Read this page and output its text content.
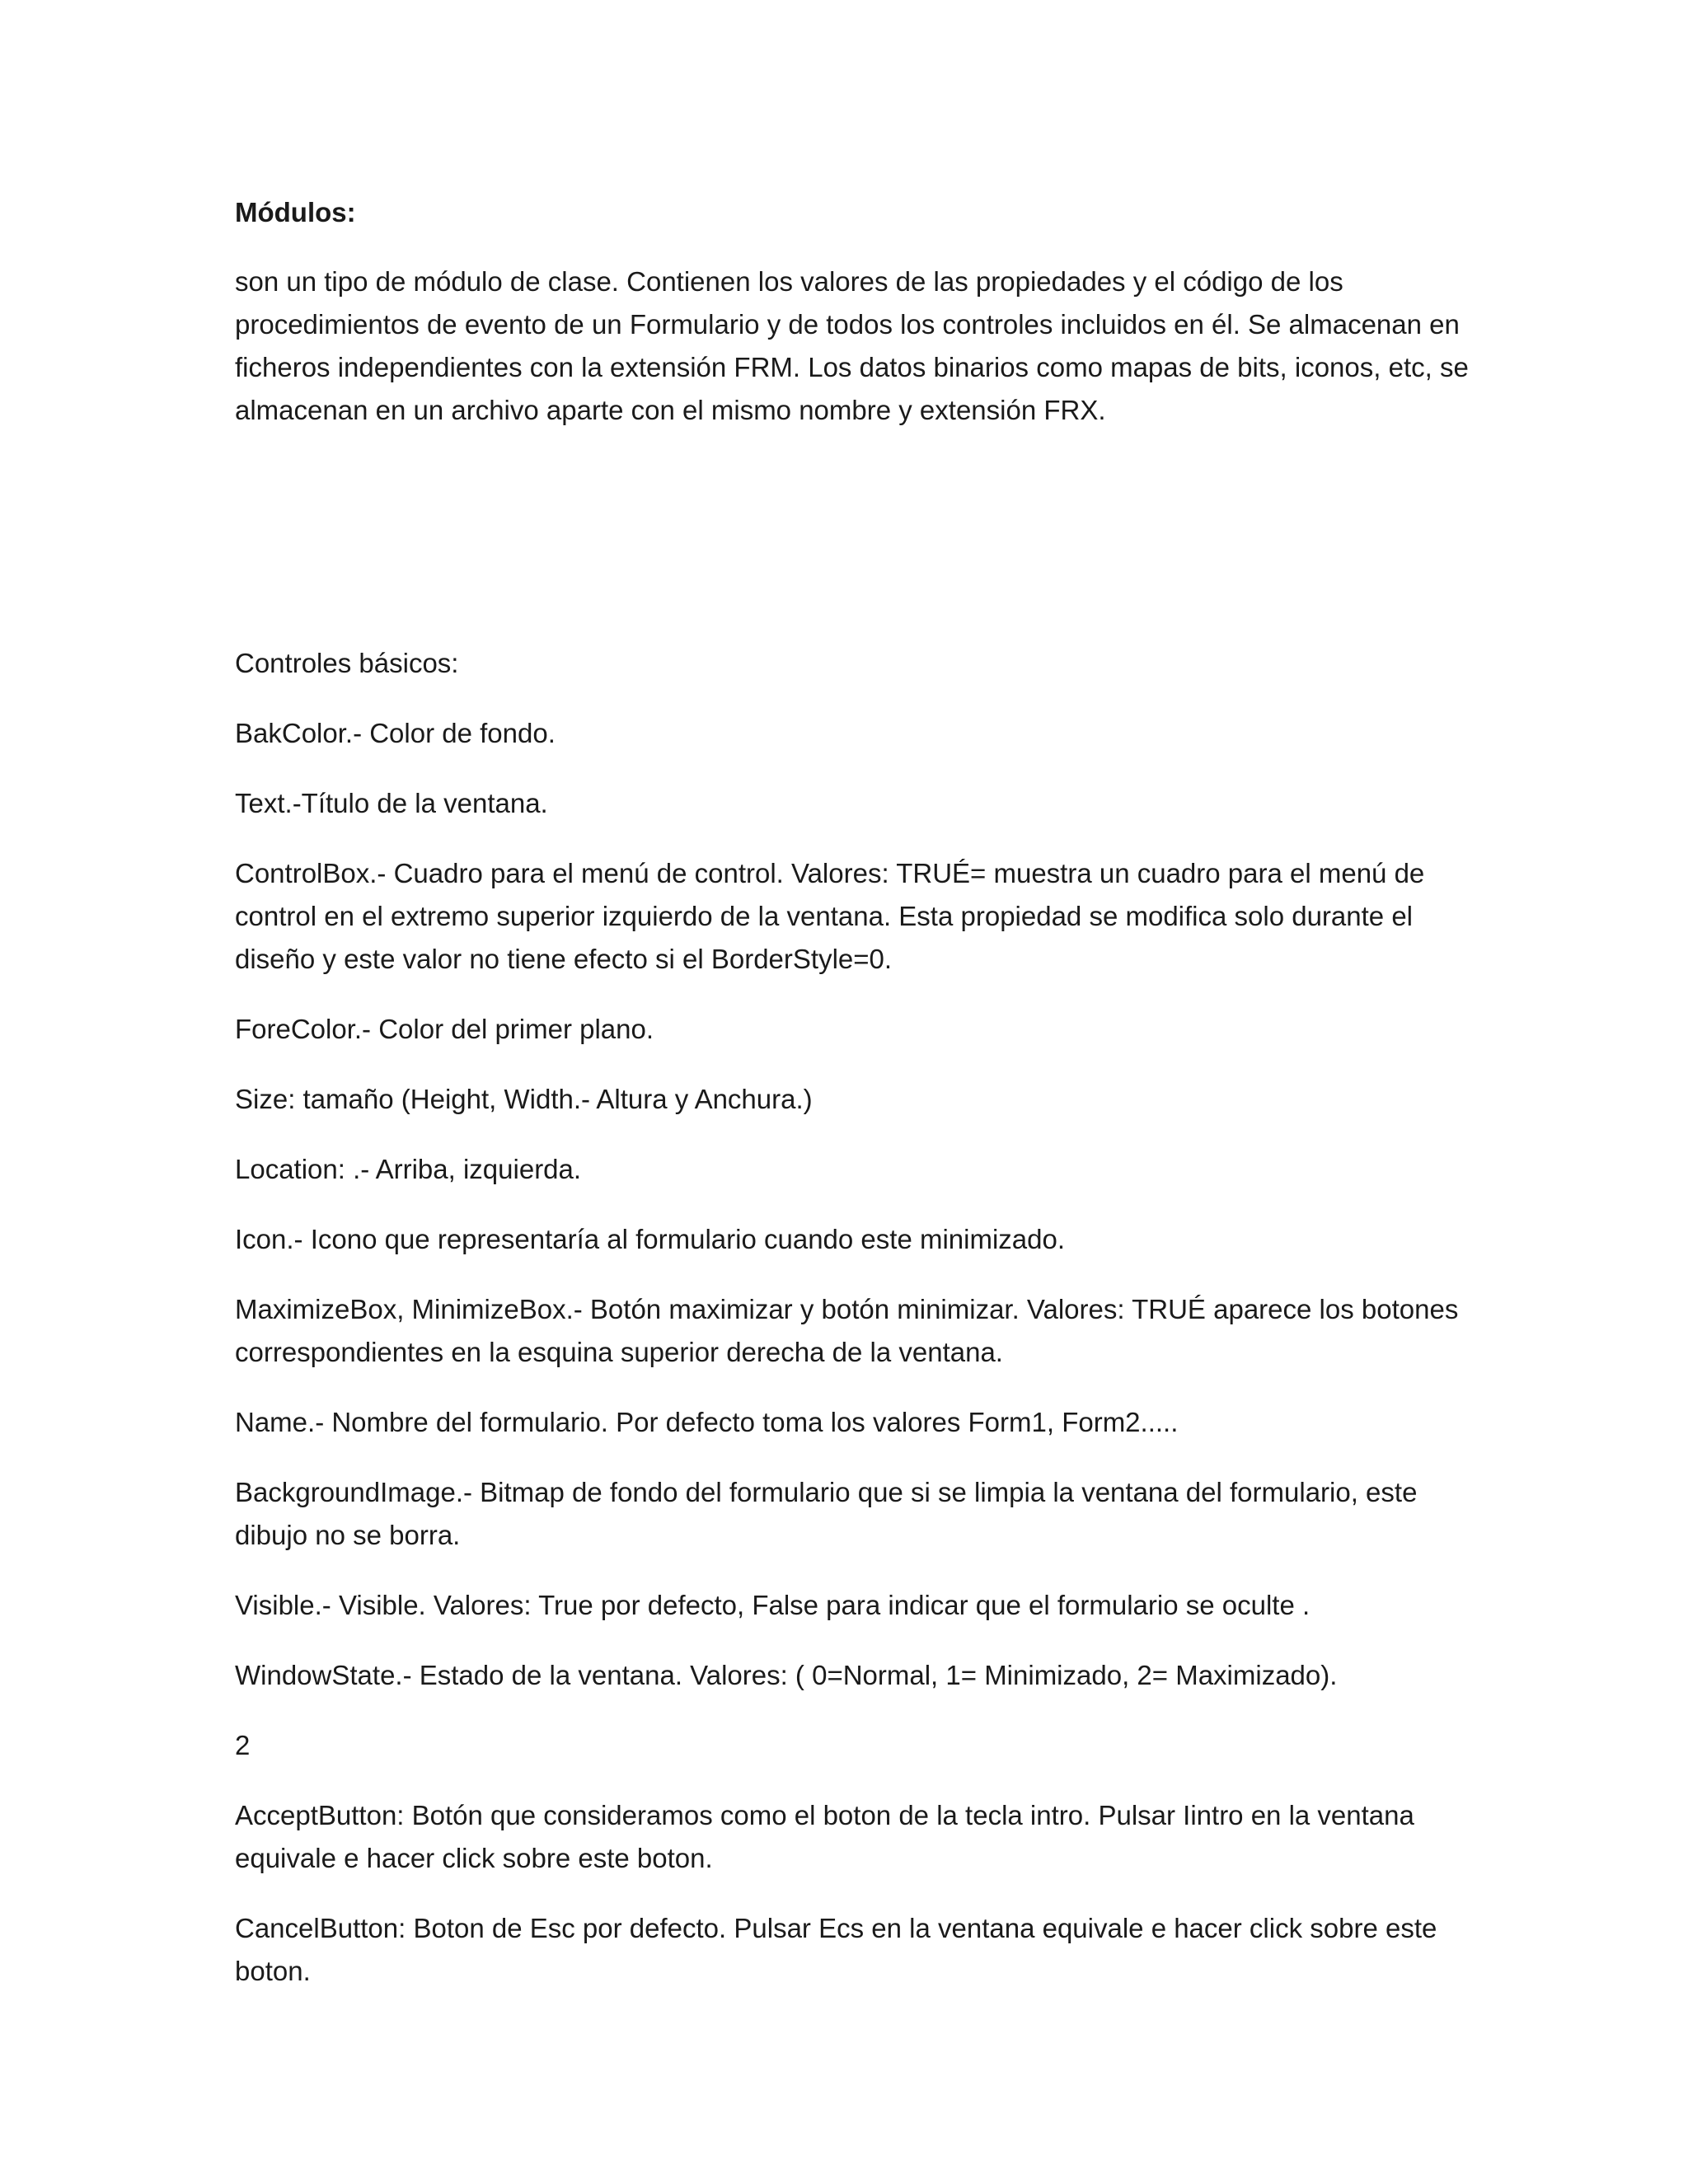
Módulos:
son un tipo de módulo de clase. Contienen los valores de las propiedades y el código de los procedimientos de evento de un Formulario y de todos los controles incluidos en él. Se almacenan en ficheros independientes con la extensión FRM. Los datos binarios como mapas de bits, iconos, etc, se almacenan en un archivo aparte con el mismo nombre y extensión FRX.
Controles básicos:
BakColor.- Color de fondo.
Text.-Título de la ventana.
ControlBox.- Cuadro para el menú de control. Valores: TRUÉ= muestra un cuadro para el menú de control en el extremo superior izquierdo de la ventana. Esta propiedad se modifica solo durante el diseño y este valor no tiene efecto si el BorderStyle=0.
ForeColor.- Color del primer plano.
Size: tamaño (Height, Width.- Altura y Anchura.)
Location: .- Arriba, izquierda.
Icon.- Icono que representaría al formulario cuando este minimizado.
MaximizeBox, MinimizeBox.- Botón maximizar y botón minimizar. Valores: TRUÉ aparece los botones correspondientes en la esquina superior derecha de la ventana.
Name.- Nombre del formulario. Por defecto toma los valores Form1, Form2.....
BackgroundImage.- Bitmap de fondo del formulario que si se limpia la ventana del formulario, este dibujo no se borra.
Visible.- Visible. Valores: True por defecto, False para indicar que el formulario se oculte .
WindowState.- Estado de la ventana. Valores: ( 0=Normal, 1= Minimizado, 2= Maximizado).
2
AcceptButton: Botón que consideramos como el boton de la tecla intro. Pulsar Iintro en la ventana equivale e hacer click sobre este boton.
CancelButton: Boton de Esc por defecto. Pulsar Ecs en la ventana equivale e hacer click sobre este boton.
